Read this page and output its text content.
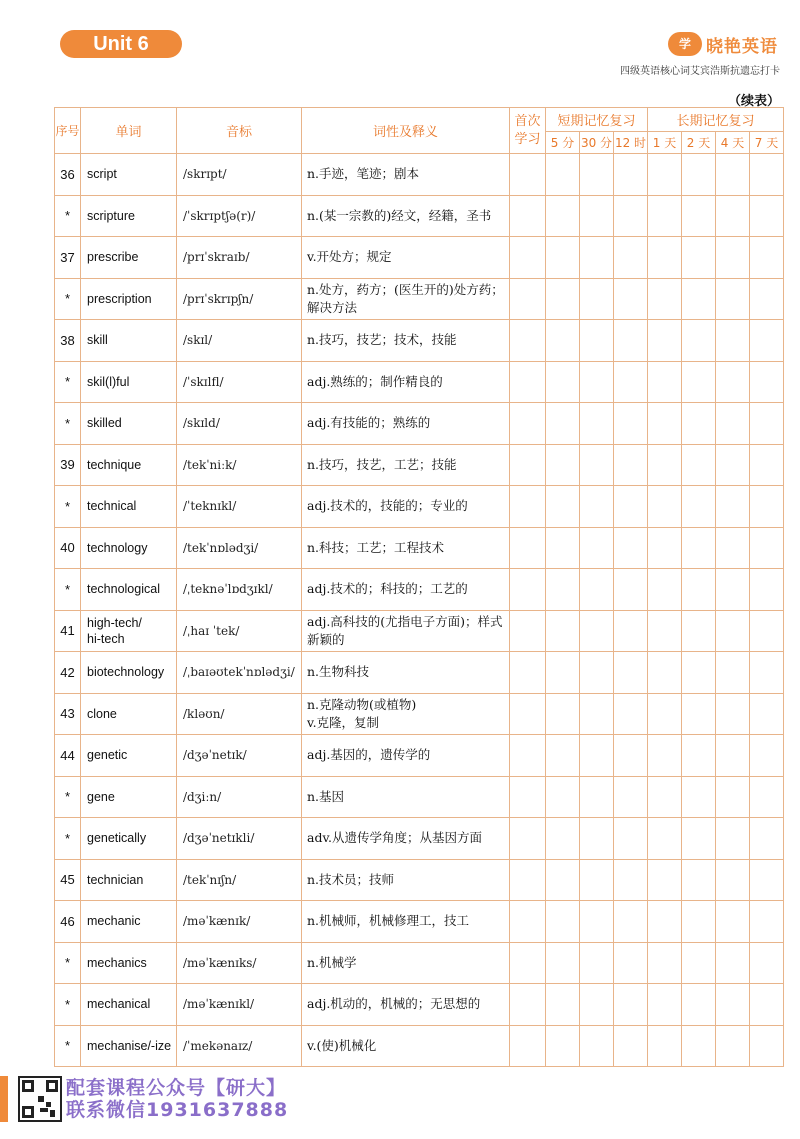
Unit 6	学 晓艳英语
四级英语核心词艾宾浩斯抗遗忘打卡
（续表）
序号	单词	音标	词性及释义	首次学习	短期记忆复习			长期记忆复习			
					5 分	30 分	12 时	1 天	2 天	4 天	7 天
36	script	/skrɪpt/	n.手迹，笔迹；剧本								
*	scripture	/ˈskrɪptʃə(r)/	n.(某一宗教的)经文，经籍，圣书								
37	prescribe	/prɪˈskraɪb/	v.开处方；规定								
*	prescription	/prɪˈskrɪpʃn/	n.处方，药方；(医生开的)处方药；解决方法								
38	skill	/skɪl/	n.技巧，技艺；技术，技能								
*	skil(l)ful	/ˈskɪlfl/	adj.熟练的；制作精良的								
*	skilled	/skɪld/	adj.有技能的；熟练的								
39	technique	/tekˈniːk/	n.技巧，技艺，工艺；技能								
*	technical	/ˈteknɪkl/	adj.技术的，技能的；专业的								
40	technology	/tekˈnɒlədʒi/	n.科技；工艺；工程技术								
*	technological	/ˌteknəˈlɒdʒɪkl/	adj.技术的；科技的；工艺的								
41	high-tech/
hi-tech	/ˌhaɪ ˈtek/	adj.高科技的(尤指电子方面)；样式新颖的								
42	biotechnology	/ˌbaɪəʊtekˈnɒlədʒi/	n.生物科技								
43	clone	/kləʊn/	n.克隆动物(或植物)
v.克隆，复制								
44	genetic	/dʒəˈnetɪk/	adj.基因的，遗传学的								
*	gene	/dʒiːn/	n.基因								
*	genetically	/dʒəˈnetɪkli/	adv.从遗传学角度；从基因方面								
45	technician	/tekˈnɪʃn/	n.技术员；技师								
46	mechanic	/məˈkænɪk/	n.机械师，机械修理工，技工								
*	mechanics	/məˈkænɪks/	n.机械学								
*	mechanical	/məˈkænɪkl/	adj.机动的，机械的；无思想的								
*	mechanise/-ize	/ˈmekənaɪz/	v.(使)机械化								
配套课程公众号【研大】
联系微信1931637888
